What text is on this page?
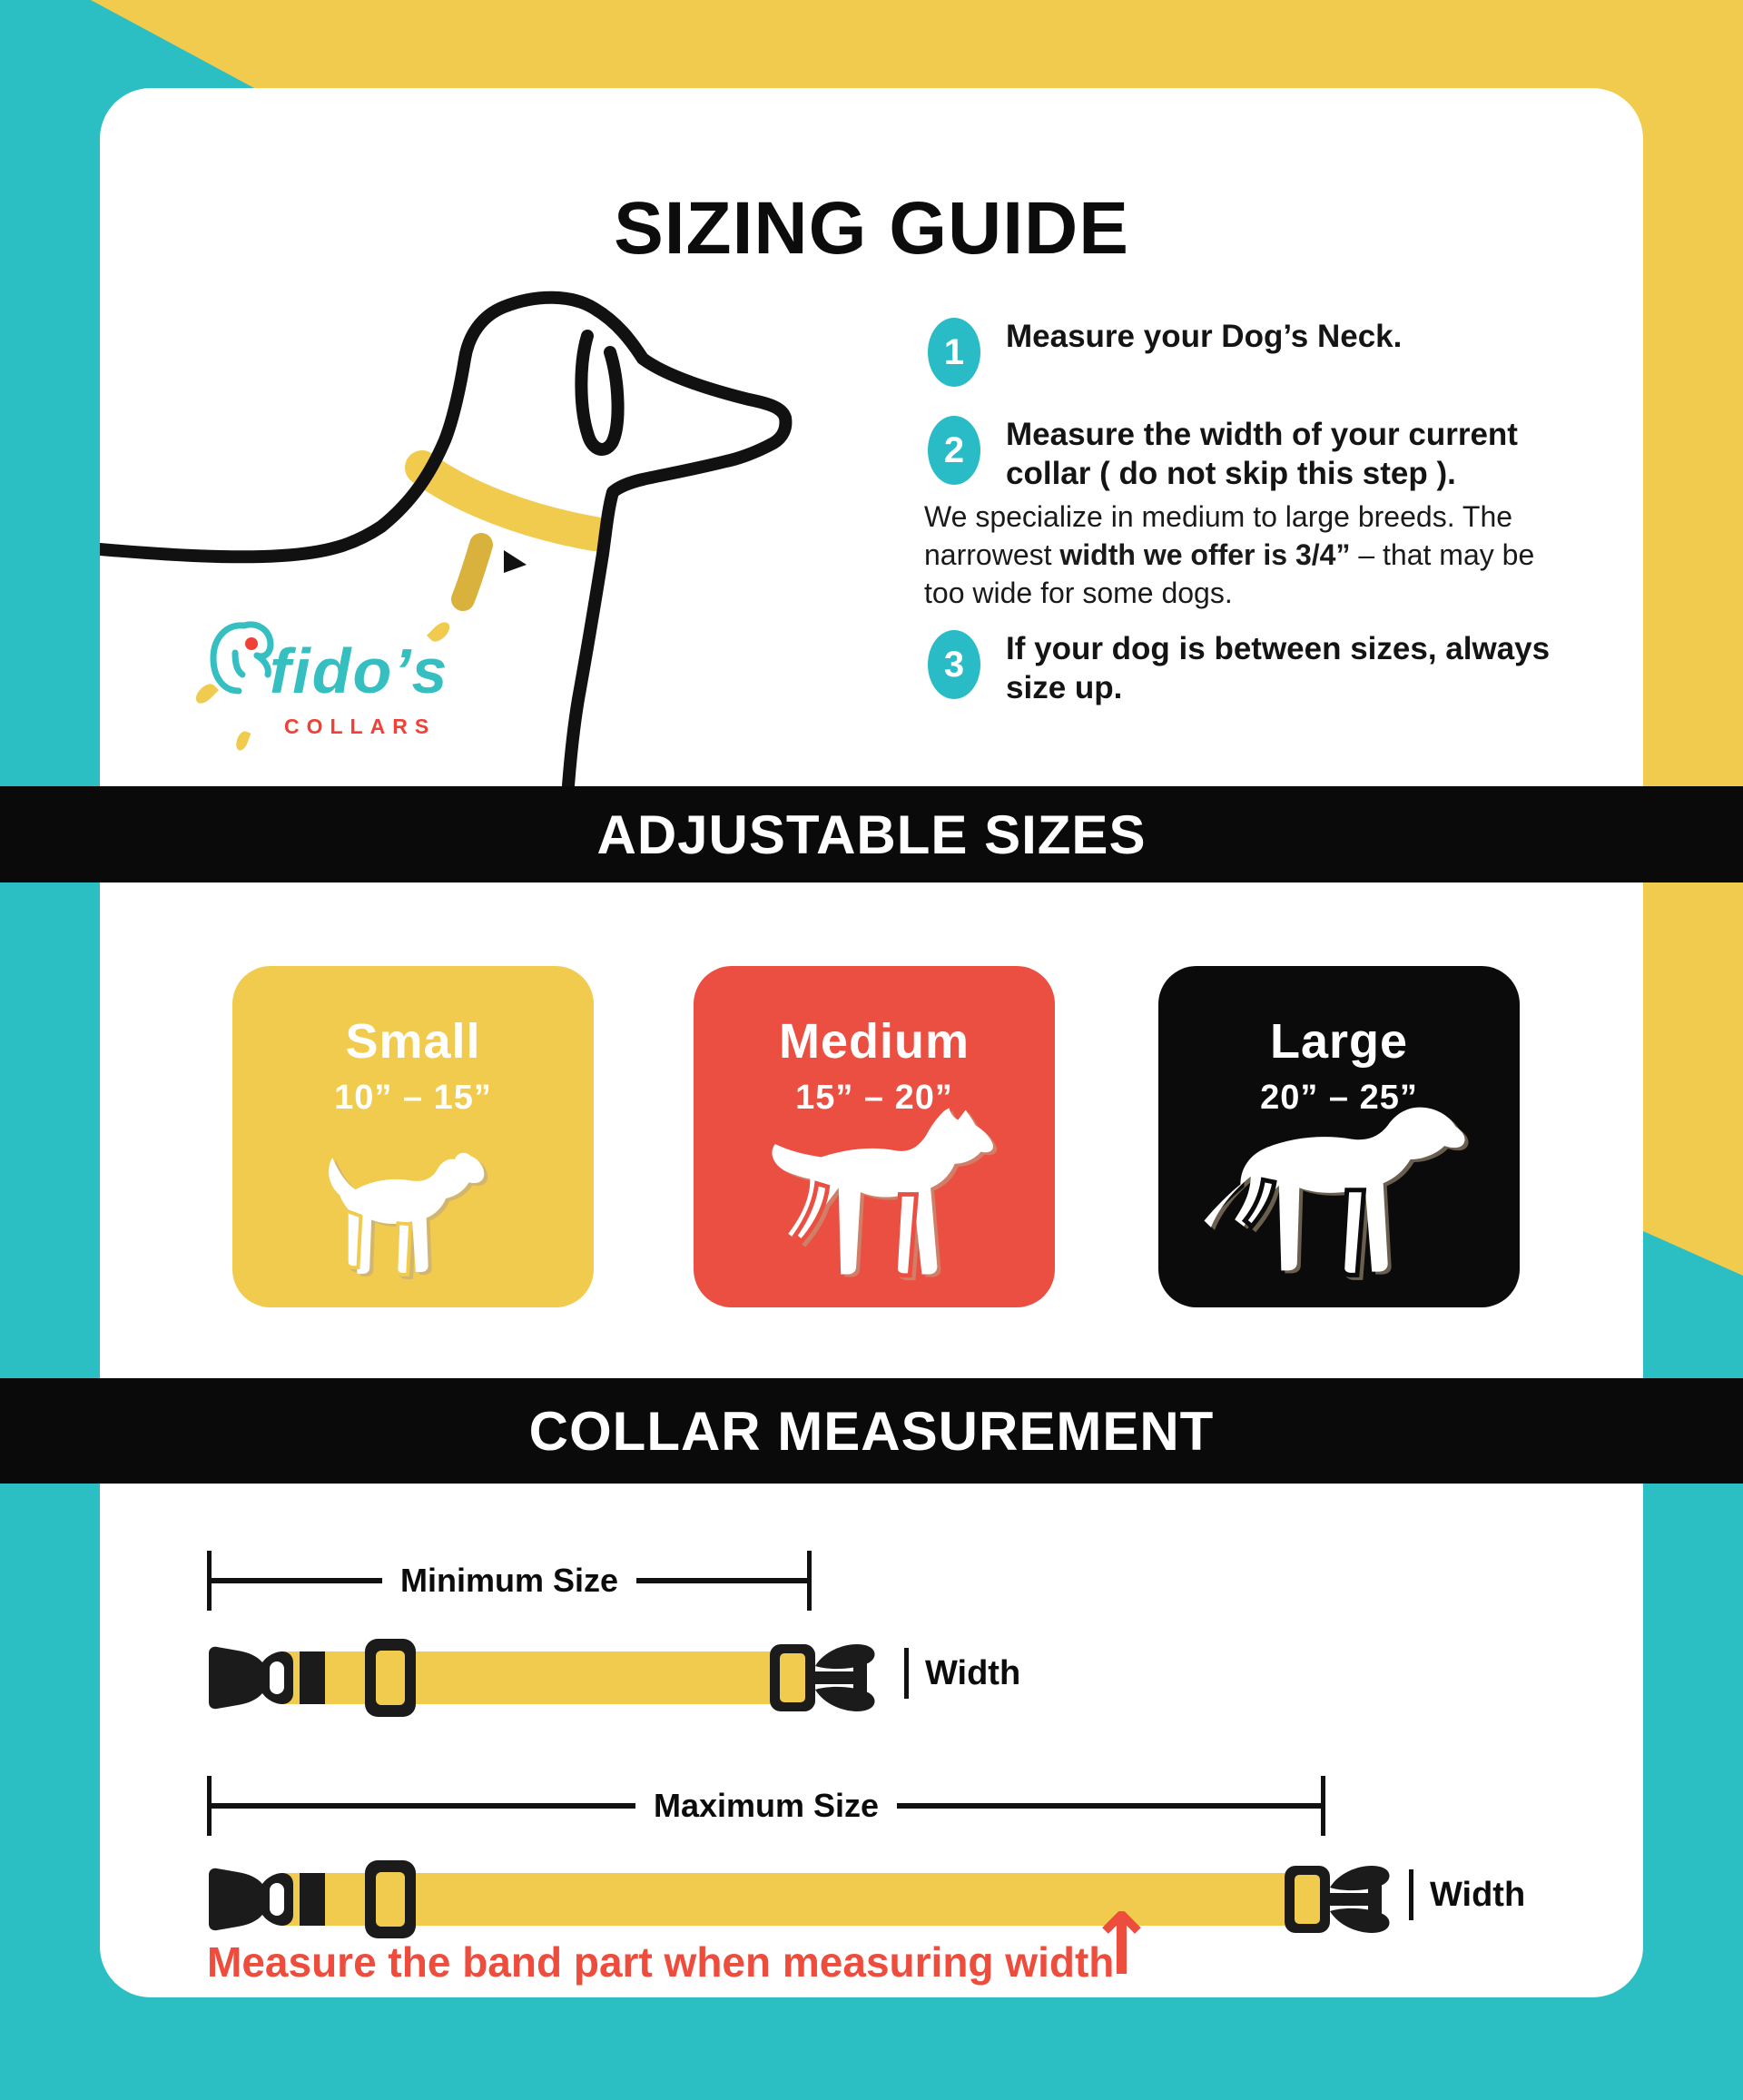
SIZING GUIDE
fido’s
COLLARS
1	Measure your Dog’s Neck.
2	Measure the width of your current collar ( do not skip this step ).
We specialize in medium to large breeds. The narrowest width we offer is 3/4” – that may be too wide for some dogs.
3	If your dog is between sizes, always size up.
ADJUSTABLE SIZES
COLLAR MEASUREMENT
Small
10” – 15”
Medium
15” – 20”
Large
20” – 25”
Minimum Size
Width
Maximum Size
Width
↑
Measure the band part when measuring width
